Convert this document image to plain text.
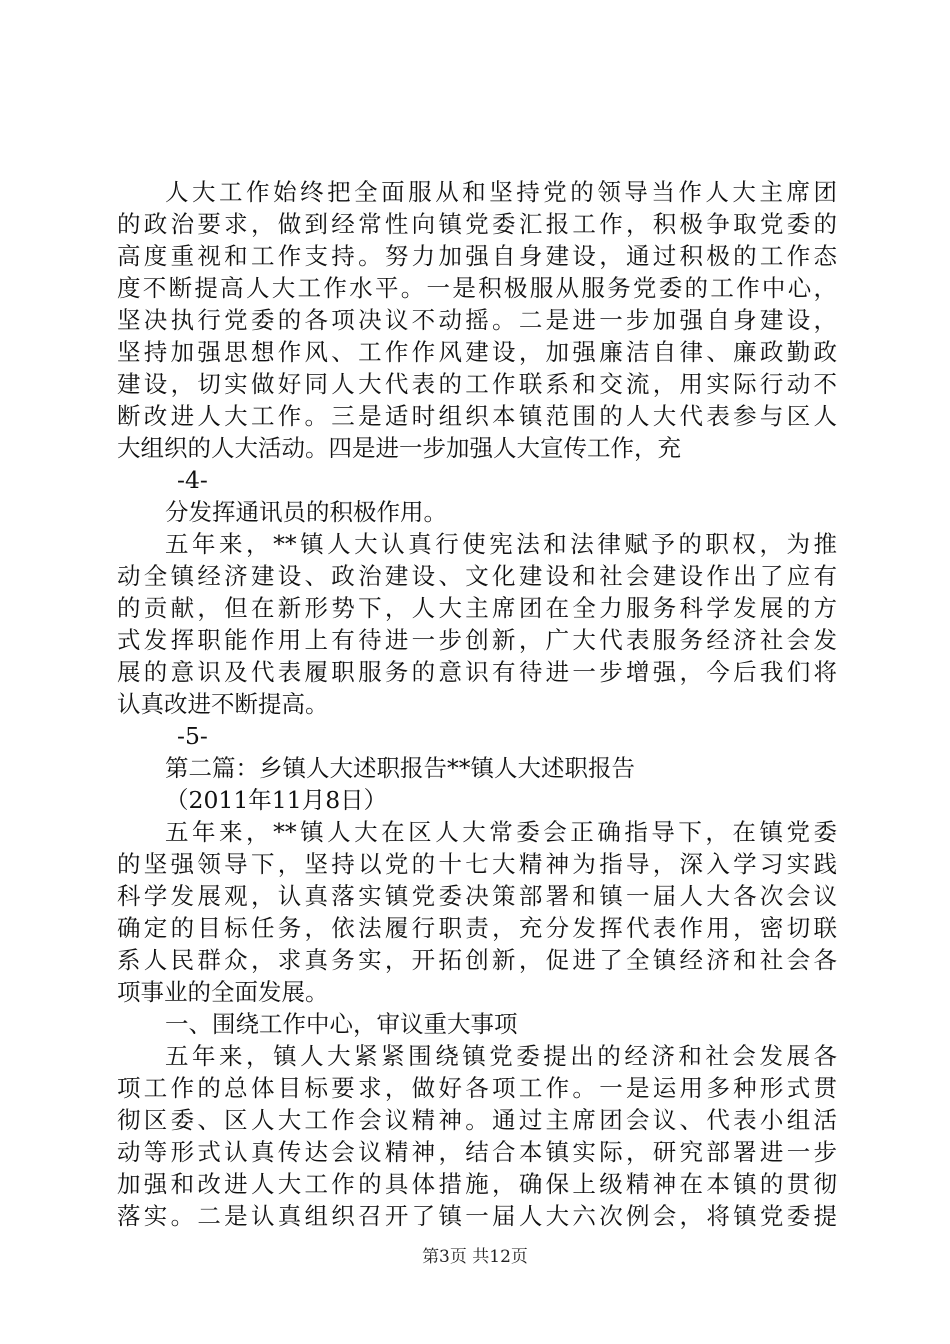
人大工作始终把全面服从和坚持党的领导当作人大主席团
的政治要求，做到经常性向镇党委汇报工作，积极争取党委的
高度重视和工作支持。努力加强自身建设，通过积极的工作态
度不断提高人大工作水平。一是积极服从服务党委的工作中心，
坚决执行党委的各项决议不动摇。二是进一步加强自身建设，
坚持加强思想作风、工作作风建设，加强廉洁自律、廉政勤政
建设，切实做好同人大代表的工作联系和交流，用实际行动不
断改进人大工作。三是适时组织本镇范围的人大代表参与区人
大组织的人大活动。四是进一步加强人大宣传工作，充
-4-
分发挥通讯员的积极作用。
五年来，**镇人大认真行使宪法和法律赋予的职权，为推
动全镇经济建设、政治建设、文化建设和社会建设作出了应有
的贡献，但在新形势下，人大主席团在全力服务科学发展的方
式发挥职能作用上有待进一步创新，广大代表服务经济社会发
展的意识及代表履职服务的意识有待进一步增强，今后我们将
认真改进不断提高。
-5-
第二篇：乡镇人大述职报告**镇人大述职报告
（2011年11月8日）
五年来，**镇人大在区人大常委会正确指导下，在镇党委
的坚强领导下，坚持以党的十七大精神为指导，深入学习实践
科学发展观，认真落实镇党委决策部署和镇一届人大各次会议
确定的目标任务，依法履行职责，充分发挥代表作用，密切联
系人民群众，求真务实，开拓创新，促进了全镇经济和社会各
项事业的全面发展。
一、围绕工作中心，审议重大事项
五年来，镇人大紧紧围绕镇党委提出的经济和社会发展各
项工作的总体目标要求，做好各项工作。一是运用多种形式贯
彻区委、区人大工作会议精神。通过主席团会议、代表小组活
动等形式认真传达会议精神，结合本镇实际，研究部署进一步
加强和改进人大工作的具体措施，确保上级精神在本镇的贯彻
落实。二是认真组织召开了镇一届人大六次例会，将镇党委提
第3页 共12页
